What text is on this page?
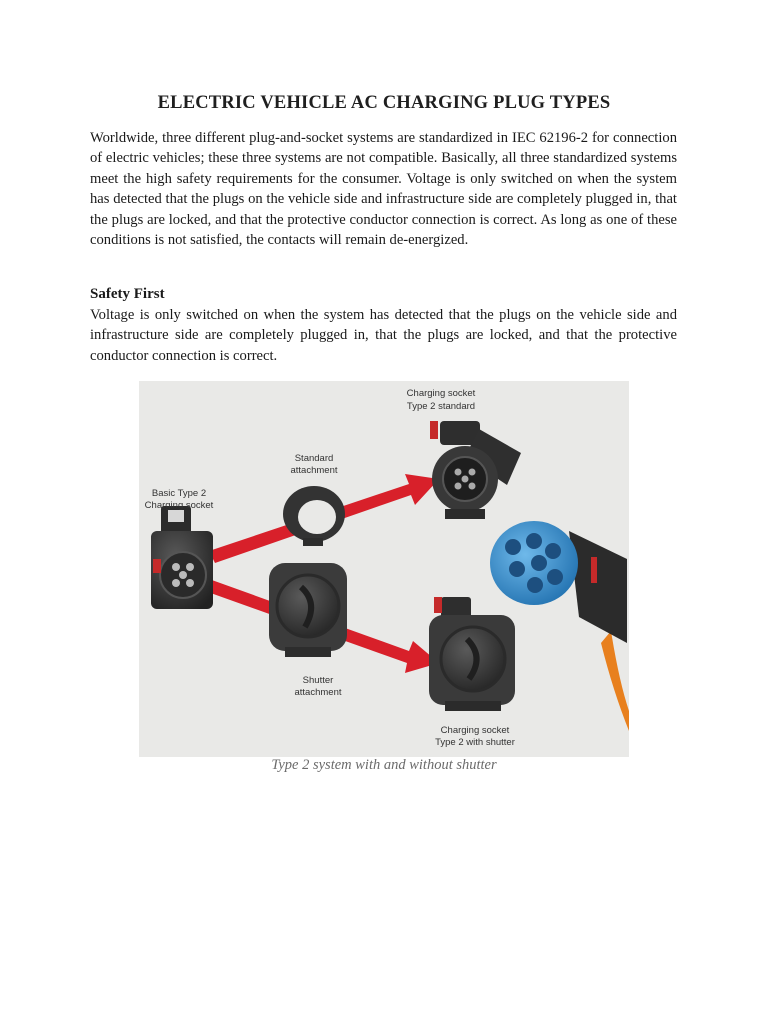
ELECTRIC VEHICLE AC CHARGING PLUG TYPES

Worldwide, three different plug-and-socket systems are standardized in IEC 62196-2 for connection of electric vehicles; these three systems are not compatible. Basically, all three standardized systems meet the high safety requirements for the consumer. Voltage is only switched on when the system has detected that the plugs on the vehicle side and infrastructure side are completely plugged in, that the plugs are locked, and that the protective conductor connection is correct. As long as one of these conditions is not satisfied, the contacts will remain de-energized.

Safety First

Voltage is only switched on when the system has detected that the plugs on the vehicle side and infrastructure side are completely plugged in, that the plugs are locked, and that the protective conductor connection is correct.

Charging socket
Type 2 standard
Standard
attachment
Basic Type 2
Charging socket
Shutter
attachment
Charging socket
Type 2 with shutter
Type 2 system with and without shutter
